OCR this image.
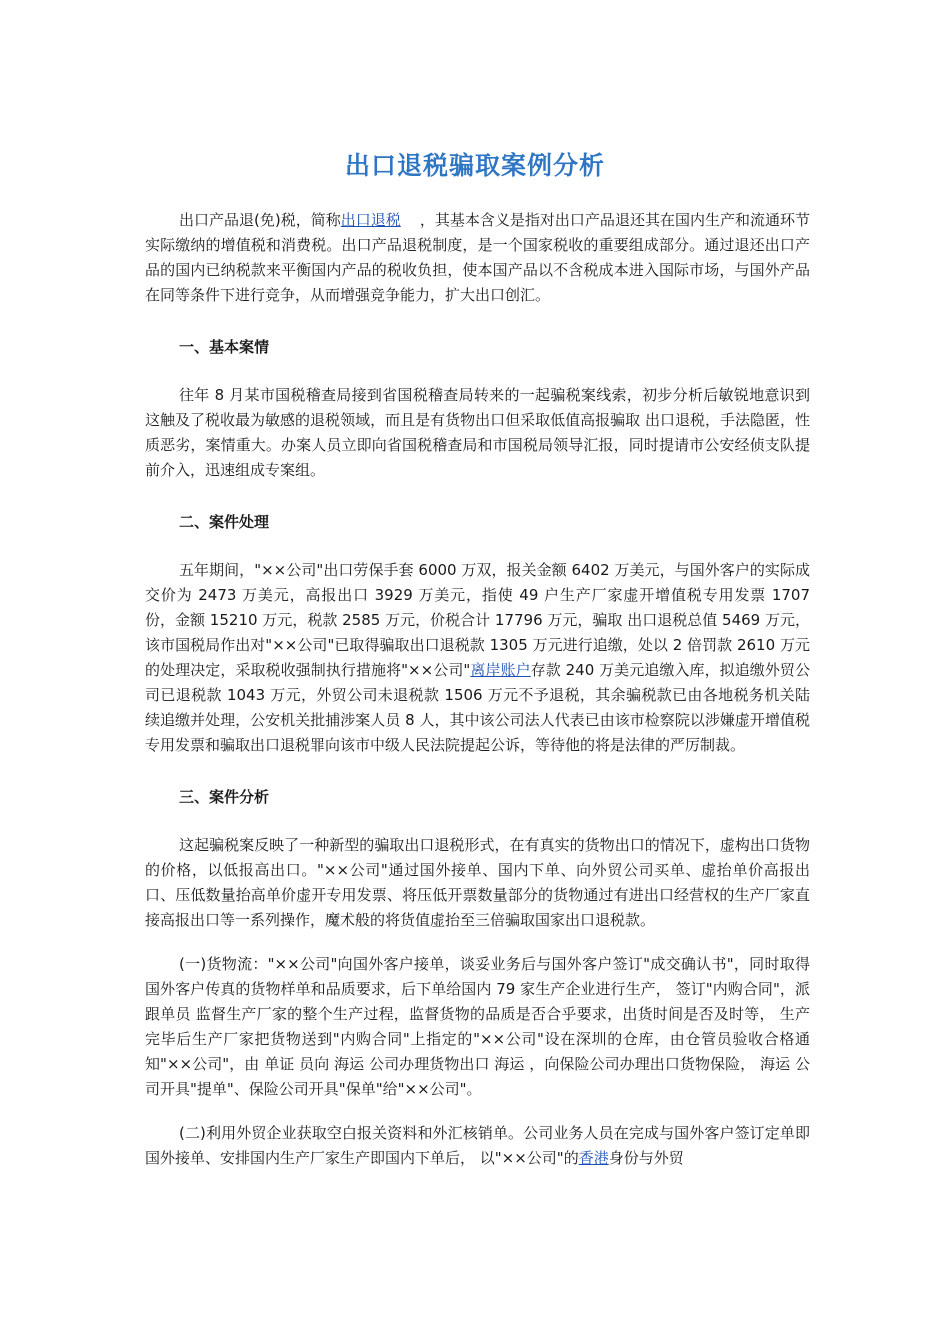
出口退税骗取案例分析

出口产品退(免)税，简称出口退税    ，其基本含义是指对出口产品退还其在国内生产和流通环节实际缴纳的增值税和消费税。出口产品退税制度，是一个国家税收的重要组成部分。通过退还出口产品的国内已纳税款来平衡国内产品的税收负担，使本国产品以不含税成本进入国际市场，与国外产品在同等条件下进行竞争，从而增强竞争能力，扩大出口创汇。

一、基本案情

往年 8 月某市国税稽查局接到省国税稽查局转来的一起骗税案线索，初步分析后敏锐地意识到这触及了税收最为敏感的退税领域，而且是有货物出口但采取低值高报骗取 出口退税，手法隐匿，性质恶劣，案情重大。办案人员立即向省国税稽查局和市国税局领导汇报，同时提请市公安经侦支队提前介入，迅速组成专案组。

二、案件处理

五年期间，"××公司"出口劳保手套 6000 万双，报关金额 6402 万美元，与国外客户的实际成交价为 2473 万美元，高报出口 3929 万美元，指使 49 户生产厂家虚开增值税专用发票 1707 份，金额 15210 万元，税款 2585 万元，价税合计 17796 万元，骗取 出口退税总值 5469 万元，该市国税局作出对"××公司"已取得骗取出口退税款 1305 万元进行追缴，处以 2 倍罚款 2610 万元的处理决定，采取税收强制执行措施将"××公司"离岸账户存款 240 万美元追缴入库，拟追缴外贸公司已退税款 1043 万元，外贸公司未退税款 1506 万元不予退税，其余骗税款已由各地税务机关陆续追缴并处理，公安机关批捕涉案人员 8 人，其中该公司法人代表已由该市检察院以涉嫌虚开增值税专用发票和骗取出口退税罪向该市中级人民法院提起公诉，等待他的将是法律的严厉制裁。

三、案件分析

这起骗税案反映了一种新型的骗取出口退税形式，在有真实的货物出口的情况下，虚构出口货物的价格，以低报高出口。"××公司"通过国外接单、国内下单、向外贸公司买单、虚抬单价高报出口、压低数量抬高单价虚开专用发票、将压低开票数量部分的货物通过有进出口经营权的生产厂家直接高报出口等一系列操作，魔术般的将货值虚抬至三倍骗取国家出口退税款。

(一)货物流："××公司"向国外客户接单，谈妥业务后与国外客户签订"成交确认书"，同时取得国外客户传真的货物样单和品质要求，后下单给国内 79 家生产企业进行生产， 签订"内购合同"，派 跟单员 监督生产厂家的整个生产过程，监督货物的品质是否合乎要求，出货时间是否及时等， 生产完毕后生产厂家把货物送到"内购合同"上指定的"××公司"设在深圳的仓库，由仓管员验收合格通知"××公司"，由 单证 员向 海运 公司办理货物出口 海运 ，向保险公司办理出口货物保险， 海运 公司开具"提单"、保险公司开具"保单"给"××公司"。

(二)利用外贸企业获取空白报关资料和外汇核销单。公司业务人员在完成与国外客户签订定单即国外接单、安排国内生产厂家生产即国内下单后， 以"××公司"的香港身份与外贸
